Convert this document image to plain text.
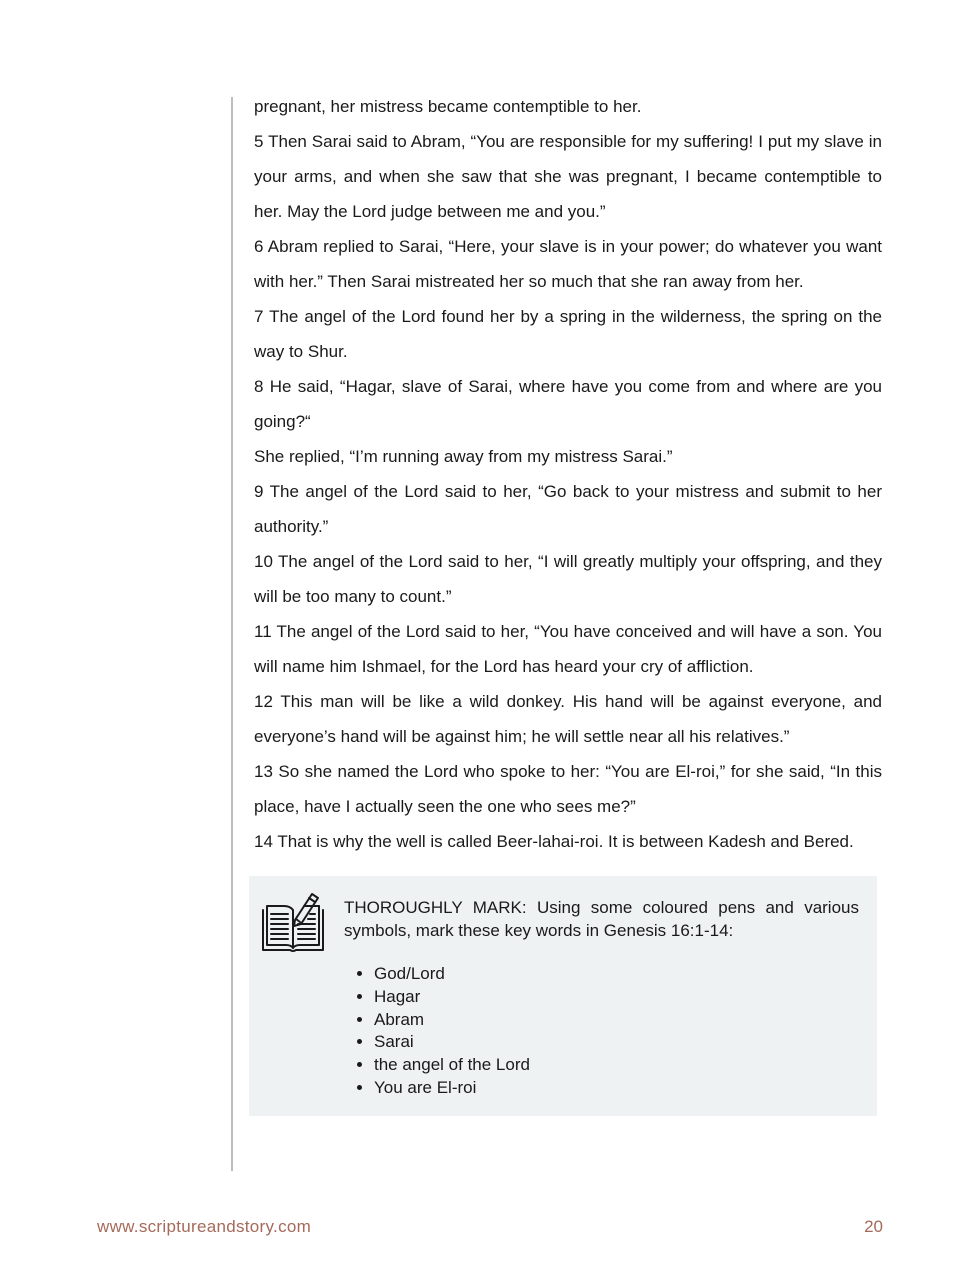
pregnant, her mistress became contemptible to her.

5 Then Sarai said to Abram, “You are responsible for my suffering! I put my slave in your arms, and when she saw that she was pregnant, I became contemptible to her. May the Lord judge between me and you.”

6 Abram replied to Sarai, “Here, your slave is in your power; do whatever you want with her.” Then Sarai mistreated her so much that she ran away from her.

7 The angel of the Lord found her by a spring in the wilderness, the spring on the way to Shur.

8 He said, “Hagar, slave of Sarai, where have you come from and where are you going?“

She replied, “I’m running away from my mistress Sarai.”

9 The angel of the Lord said to her, “Go back to your mistress and submit to her authority.”

10 The angel of the Lord said to her, “I will greatly multiply your offspring, and they will be too many to count.”

11 The angel of the Lord said to her, “You have conceived and will have a son. You will name him Ishmael, for the Lord has heard your cry of affliction.

12 This man will be like a wild donkey. His hand will be against everyone, and everyone’s hand will be against him; he will settle near all his relatives.”

13 So she named the Lord who spoke to her: “You are El-roi,” for she said, “In this place, have I actually seen the one who sees me?”

14 That is why the well is called Beer-lahai-roi. It is between Kadesh and Bered.

THOROUGHLY MARK: Using some coloured pens and various symbols, mark these key words in Genesis 16:1-14:

• God/Lord
• Hagar
• Abram
• Sarai
• the angel of the Lord
• You are El-roi
www.scriptureandstory.com	20
